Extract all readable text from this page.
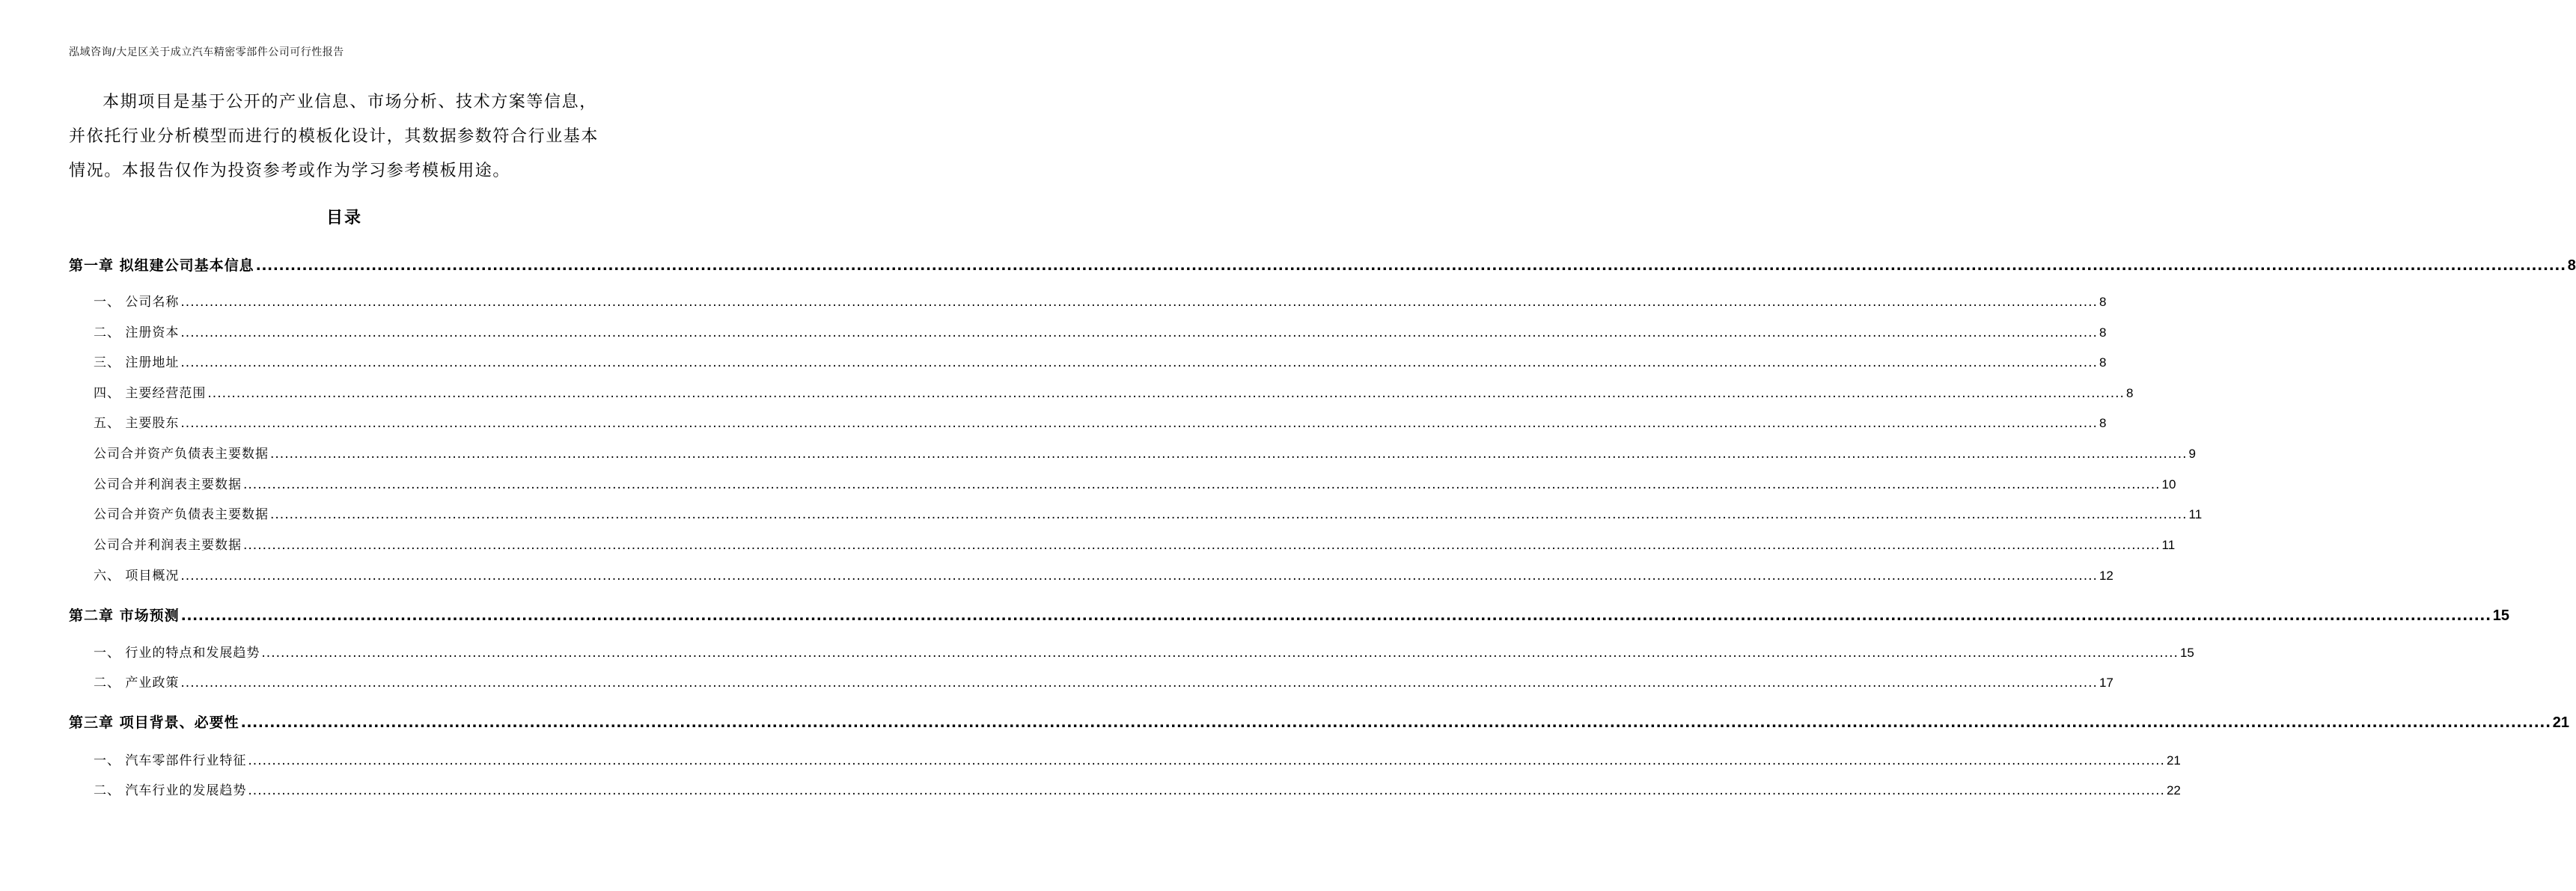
泓域咨询/大足区关于成立汽车精密零部件公司可行性报告

本期项目是基于公开的产业信息、市场分析、技术方案等信息，
并依托行业分析模型而进行的模板化设计，其数据参数符合行业基本
情况。本报告仅作为投资参考或作为学习参考模板用途。

目录
第一章 拟组建公司基本信息 ................................................................................................................................................................................................................................................................................................................................................................................................................ 8
一、 公司名称 ................................................................................................................................................................................................................................................................................................................................................................................................................ 8
二、 注册资本 ................................................................................................................................................................................................................................................................................................................................................................................................................ 8
三、 注册地址 ................................................................................................................................................................................................................................................................................................................................................................................................................ 8
四、 主要经营范围 ................................................................................................................................................................................................................................................................................................................................................................................................................ 8
五、 主要股东 ................................................................................................................................................................................................................................................................................................................................................................................................................ 8
公司合并资产负债表主要数据 ................................................................................................................................................................................................................................................................................................................................................................................................................ 9
公司合并利润表主要数据 ................................................................................................................................................................................................................................................................................................................................................................................................................ 10
公司合并资产负债表主要数据 ................................................................................................................................................................................................................................................................................................................................................................................................................ 11
公司合并利润表主要数据 ................................................................................................................................................................................................................................................................................................................................................................................................................ 11
六、 项目概况 ................................................................................................................................................................................................................................................................................................................................................................................................................ 12
第二章 市场预测 ................................................................................................................................................................................................................................................................................................................................................................................................................ 15
一、 行业的特点和发展趋势 ................................................................................................................................................................................................................................................................................................................................................................................................................ 15
二、 产业政策 ................................................................................................................................................................................................................................................................................................................................................................................................................ 17
第三章 项目背景、必要性 ................................................................................................................................................................................................................................................................................................................................................................................................................ 21
一、 汽车零部件行业特征 ................................................................................................................................................................................................................................................................................................................................................................................................................ 21
二、 汽车行业的发展趋势 ................................................................................................................................................................................................................................................................................................................................................................................................................ 22
